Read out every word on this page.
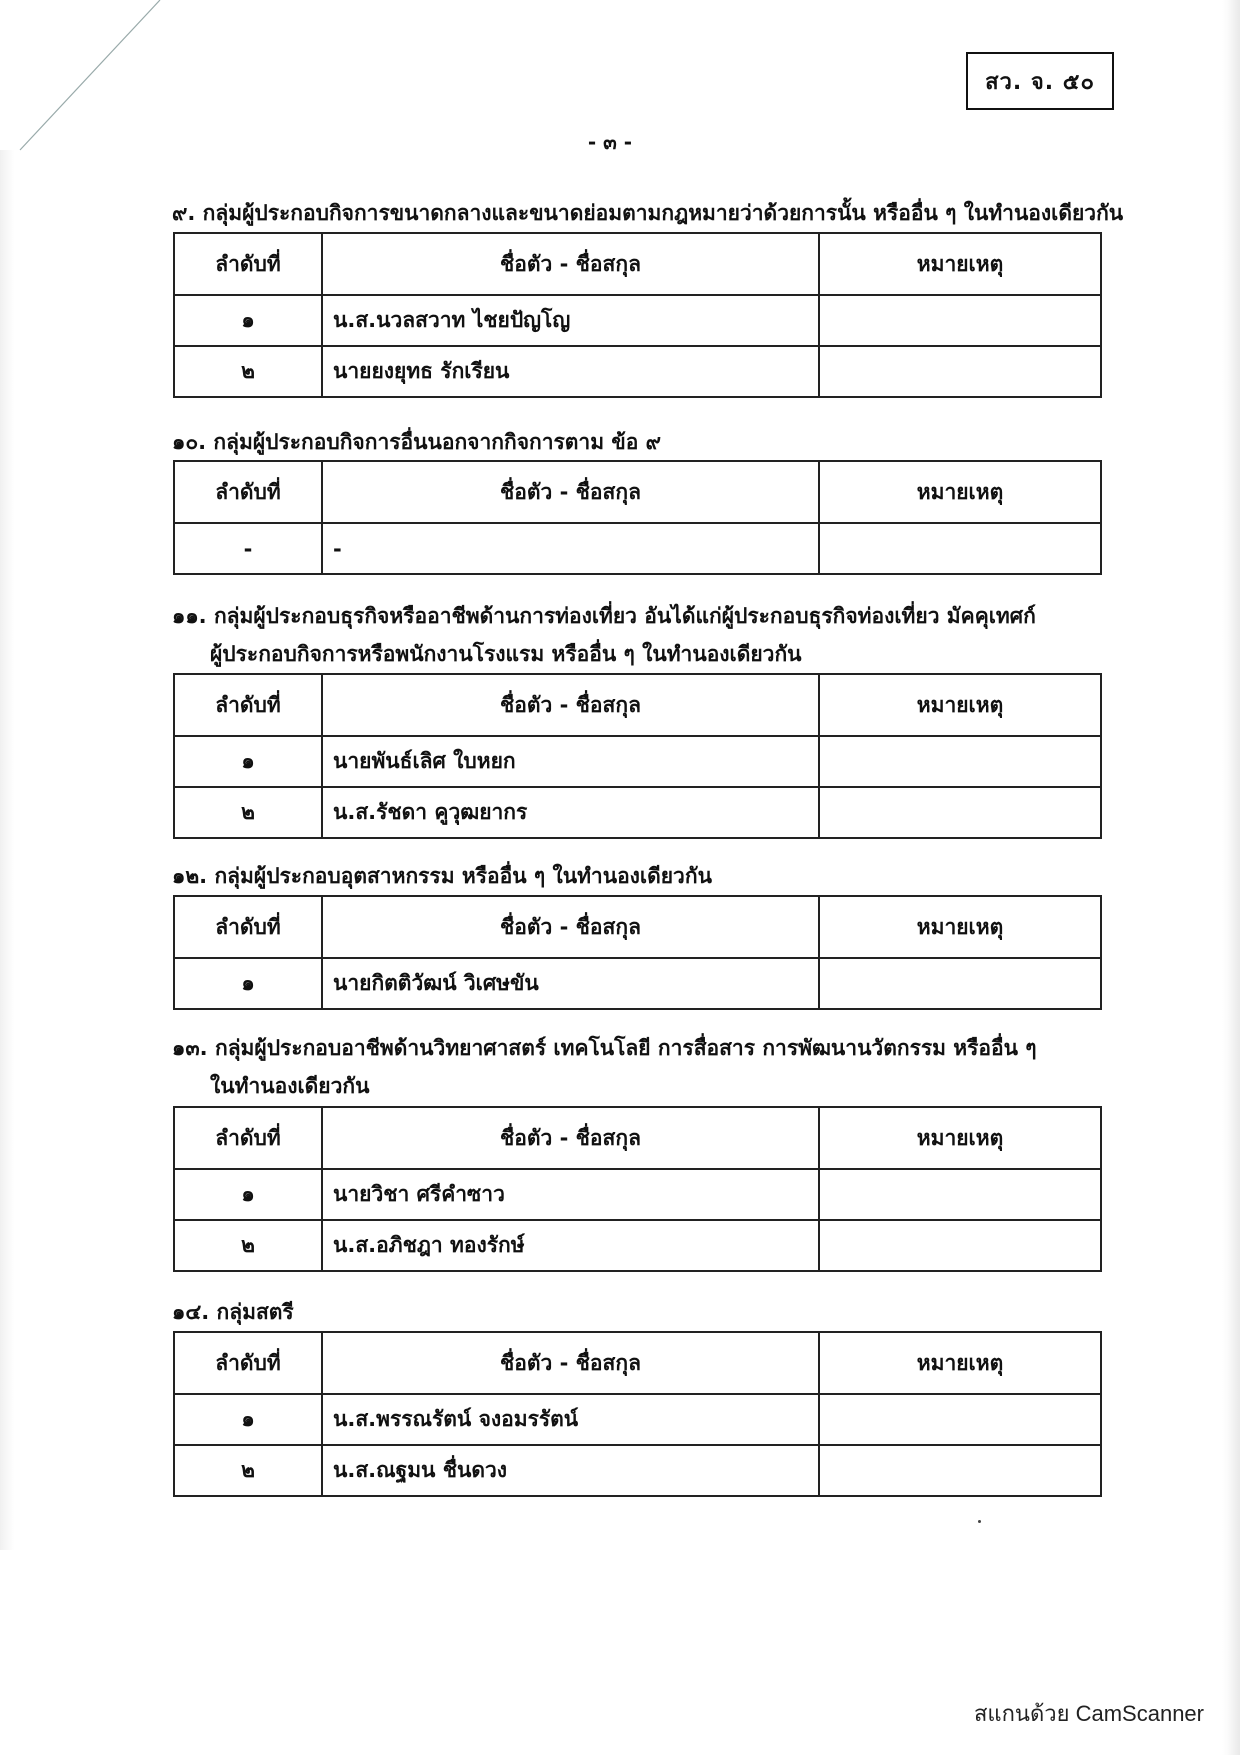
สว. จ. ๕๐
- ๓ -
๙. กลุ่มผู้ประกอบกิจการขนาดกลางและขนาดย่อมตามกฎหมายว่าด้วยการนั้น หรืออื่น ๆ ในทำนองเดียวกัน
ลำดับที่	ชื่อตัว - ชื่อสกุล	หมายเหตุ
๑	น.ส.นวลสวาท ไชยปัญโญ	
๒	นายยงยุทธ รักเรียน	
๑๐. กลุ่มผู้ประกอบกิจการอื่นนอกจากกิจการตาม ข้อ ๙
ลำดับที่	ชื่อตัว - ชื่อสกุล	หมายเหตุ
-	-	
๑๑. กลุ่มผู้ประกอบธุรกิจหรืออาชีพด้านการท่องเที่ยว อันได้แก่ผู้ประกอบธุรกิจท่องเที่ยว มัคคุเทศก์
ผู้ประกอบกิจการหรือพนักงานโรงแรม หรืออื่น ๆ ในทำนองเดียวกัน
ลำดับที่	ชื่อตัว - ชื่อสกุล	หมายเหตุ
๑	นายพันธ์เลิศ ใบหยก	
๒	น.ส.รัชดา คูวุฒยากร	
๑๒. กลุ่มผู้ประกอบอุตสาหกรรม หรืออื่น ๆ ในทำนองเดียวกัน
ลำดับที่	ชื่อตัว - ชื่อสกุล	หมายเหตุ
๑	นายกิตติวัฒน์ วิเศษขัน	
๑๓. กลุ่มผู้ประกอบอาชีพด้านวิทยาศาสตร์ เทคโนโลยี การสื่อสาร การพัฒนานวัตกรรม หรืออื่น ๆ
ในทำนองเดียวกัน
ลำดับที่	ชื่อตัว - ชื่อสกุล	หมายเหตุ
๑	นายวิชา ศรีคำซาว	
๒	น.ส.อภิชฎา ทองรักษ์	
๑๔. กลุ่มสตรี
ลำดับที่	ชื่อตัว - ชื่อสกุล	หมายเหตุ
๑	น.ส.พรรณรัตน์ จงอมรรัตน์	
๒	น.ส.ณฐมน ชื่นดวง	
สแกนด้วย CamScanner
